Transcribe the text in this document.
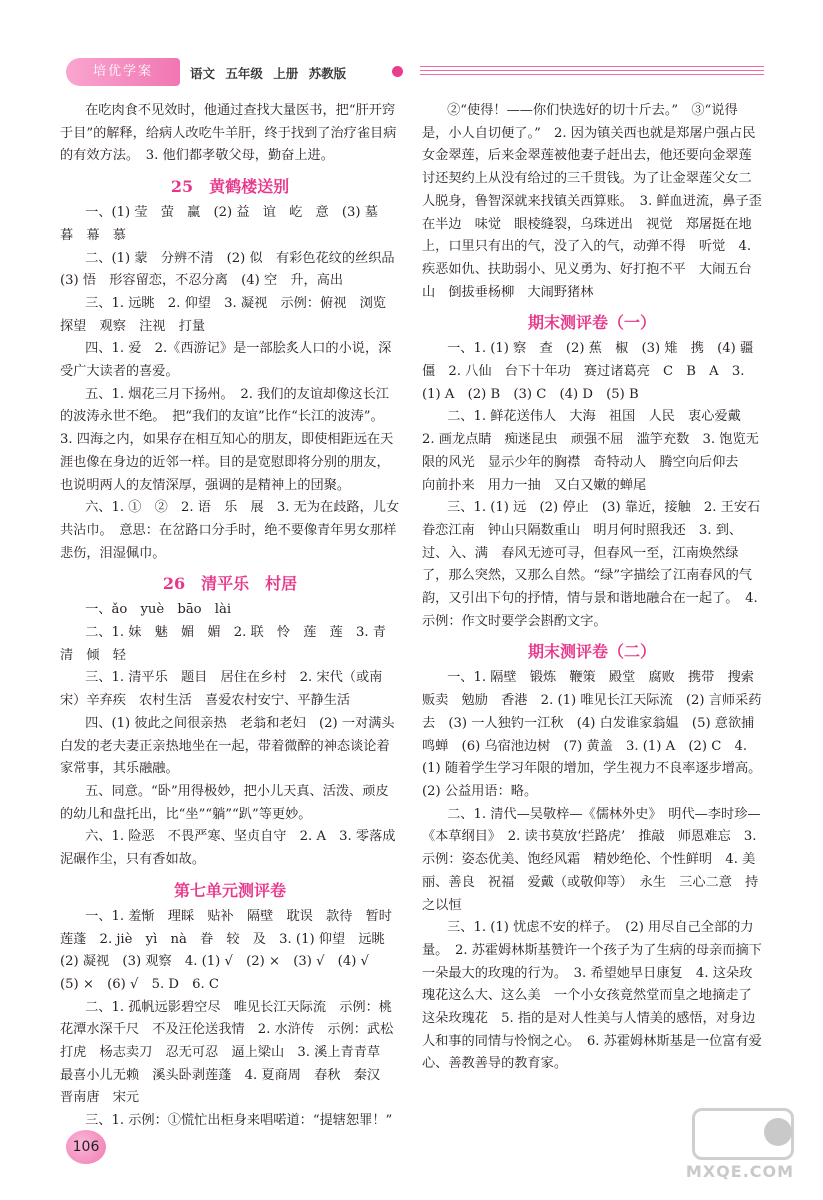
培优学案	语文 五年级 上册 苏教版
在吃肉食不见效时，他通过查找大量医书，把“肝开窍于目”的解释，给病人改吃牛羊肝，终于找到了治疗雀目病的有效方法。　3. 他们都孝敬父母，勤奋上进。
25　黄鹤楼送别
一、(1) 莹　萤　赢　(2) 益　谊　屹　意　(3) 墓　暮　幕　慕
二、(1) 蒙　分辨不清　(2) 似　有彩色花纹的丝织品　(3) 悟　形容留恋，不忍分离　(4) 空　升，高出
三、1. 远眺　2. 仰望　3. 凝视　示例：俯视　浏览　探望　观察　注视　打量
四、1. 爱　2.《西游记》是一部脍炙人口的小说，深受广大读者的喜爱。
五、1. 烟花三月下扬州。　2. 我们的友谊却像这长江的波涛永世不绝。　把“我们的友谊”比作“长江的波涛”。　3. 四海之内，如果存在相互知心的朋友，即使相距远在天涯也像在身边的近邻一样。目的是宽慰即将分别的朋友，也说明两人的友情深厚，强调的是精神上的団聚。
六、1. ①　②　2. 语　乐　展　3. 无为在歧路，儿女共沾巾。　意思：在岔路口分手时，绝不要像青年男女那样悲伤，泪湿佩巾。
26　清平乐　村居
一、ǎo　yuè　bāo　lài
二、1. 妹　魅　媚　媚　2. 联　怜　莲　莲　3. 青　清　倾　轻
三、1. 清平乐　题目　居住在乡村　2. 宋代（或南宋）辛弃疾　农村生活　喜爱农村安宁、平静生活
四、(1) 彼此之间很亲热　老翁和老妇　(2) 一对满头白发的老夫妻正亲热地坐在一起，带着微醉的神态谈论着家常事，其乐融融。
五、同意。“卧”用得极妙，把小儿天真、活泼、顽皮的幼儿和盘托出，比“坐”“躺”“趴”等更妙。
六、1. 险恶　不畏严寒、坚贞自守　2. A　3. 零落成泥碾作尘，只有香如故。
第七单元测评卷
一、1. 羞惭　理睬　贴补　隔壁　耽误　款待　暂时　莲蓬　2. jiè　yì　nà　眷　较　及　3. (1) 仰望　远眺　(2) 凝视　(3) 观察　4. (1) √　(2) ×　(3) √　(4) √　(5) ×　(6) √　5. D　6. C
二、1. 孤帆远影碧空尽　唯见长江天际流　示例：桃花潭水深千尺　不及汪伦送我情　2. 水浒传　示例：武松打虎　杨志卖刀　忍无可忍　逼上梁山　3. 溪上青青草　最喜小儿无赖　溪头卧剥莲蓬　4. 夏商周　春秋　秦汉　晋南唐　宋元
三、1. 示例：①慌忙出柜身来唱喏道：“提辖恕罪！”
②“使得！——你们快选好的切十斤去。”　③“说得是，小人自切便了。”　2. 因为镇关西也就是郑屠户强占民女金翠莲，后来金翠莲被他妻子赶出去，他还要向金翠莲讨还契约上从没有给过的三千贯钱。为了让金翠莲父女二人脱身，鲁智深就来找镇关西算账。　3. 鲜血迸流，鼻子歪在半边　味觉　眼棱缝裂，乌珠迸出　视觉　郑屠挺在地上，口里只有出的气，没了入的气，动弹不得　听觉　4. 疾恶如仇、扶助弱小、见义勇为、好打抱不平　大闹五台山　倒拔垂杨柳　大闹野猪林
期末测评卷（一）
一、1. (1) 察　查　(2) 蕉　椒　(3) 雉　携　(4) 疆　僵　2. 八仙　台下十年功　赛过诸葛亮　C　B　A　3. (1) A　(2) B　(3) C　(4) D　(5) B
二、1. 鲜花送伟人　大海　祖国　人民　衷心爱戴　2. 画龙点睛　痴迷昆虫　顽强不屈　滥竽充数　3. 饱览无限的风光　显示少年的胸襟　奇特动人　腾空向后仰去　向前扑来　用力一抽　又白又嫩的蝉尾
三、1. (1) 远　(2) 停止　(3) 靠近，接触　2. 王安石　眷恋江南　钟山只隔数重山　明月何时照我还　3. 到、过、入、满　春风无迹可寻，但春风一至，江南焕然绿了，那么突然，又那么自然。“绿”字描绘了江南春风的气韵，又引出下句的抒情，情与景和谐地融合在一起了。　4. 示例：作文时要学会斟酌文字。
期末测评卷（二）
一、1. 隔壁　锻炼　鞭策　殿堂　腐败　携带　搜索　贩卖　勉励　香港　2. (1) 唯见长江天际流　(2) 言师采药去　(3) 一人独钓一江秋　(4) 白发谁家翁媪　(5) 意欲捕鸣蝉　(6) 乌宿池边树　(7) 黄盖　3. (1) A　(2) C　4. (1) 随着学生学习年限的增加，学生视力不良率逐步增高。　(2) 公益用语：略。
二、1. 清代—吴敬梓—《儒林外史》　明代—李时珍—《本草纲目》　2. 读书莫放‘拦路虎’　推敲　师恩难忘　3. 示例：姿态优美、饱经风霜　精妙绝伦、个性鲜明　4. 美丽、善良　祝福　爱戴（或敬仰等）　永生　三心二意　持之以恒
三、1. (1) 忧虑不安的样子。　(2) 用尽自己全部的力量。　2. 苏霍姆林斯基赞许一个孩子为了生病的母亲而摘下一朵最大的玫瑰的行为。　3. 希望她早日康复　4. 这朵玫瑰花这么大、这么美　一个小女孩竟然堂而皇之地摘走了这朵玫瑰花　5. 指的是对人性美与人情美的感悟，对身边人和事的同情与怜悯之心。　6. 苏霍姆林斯基是一位富有爱心、善教善导的教育家。
106
MXQE.COM
